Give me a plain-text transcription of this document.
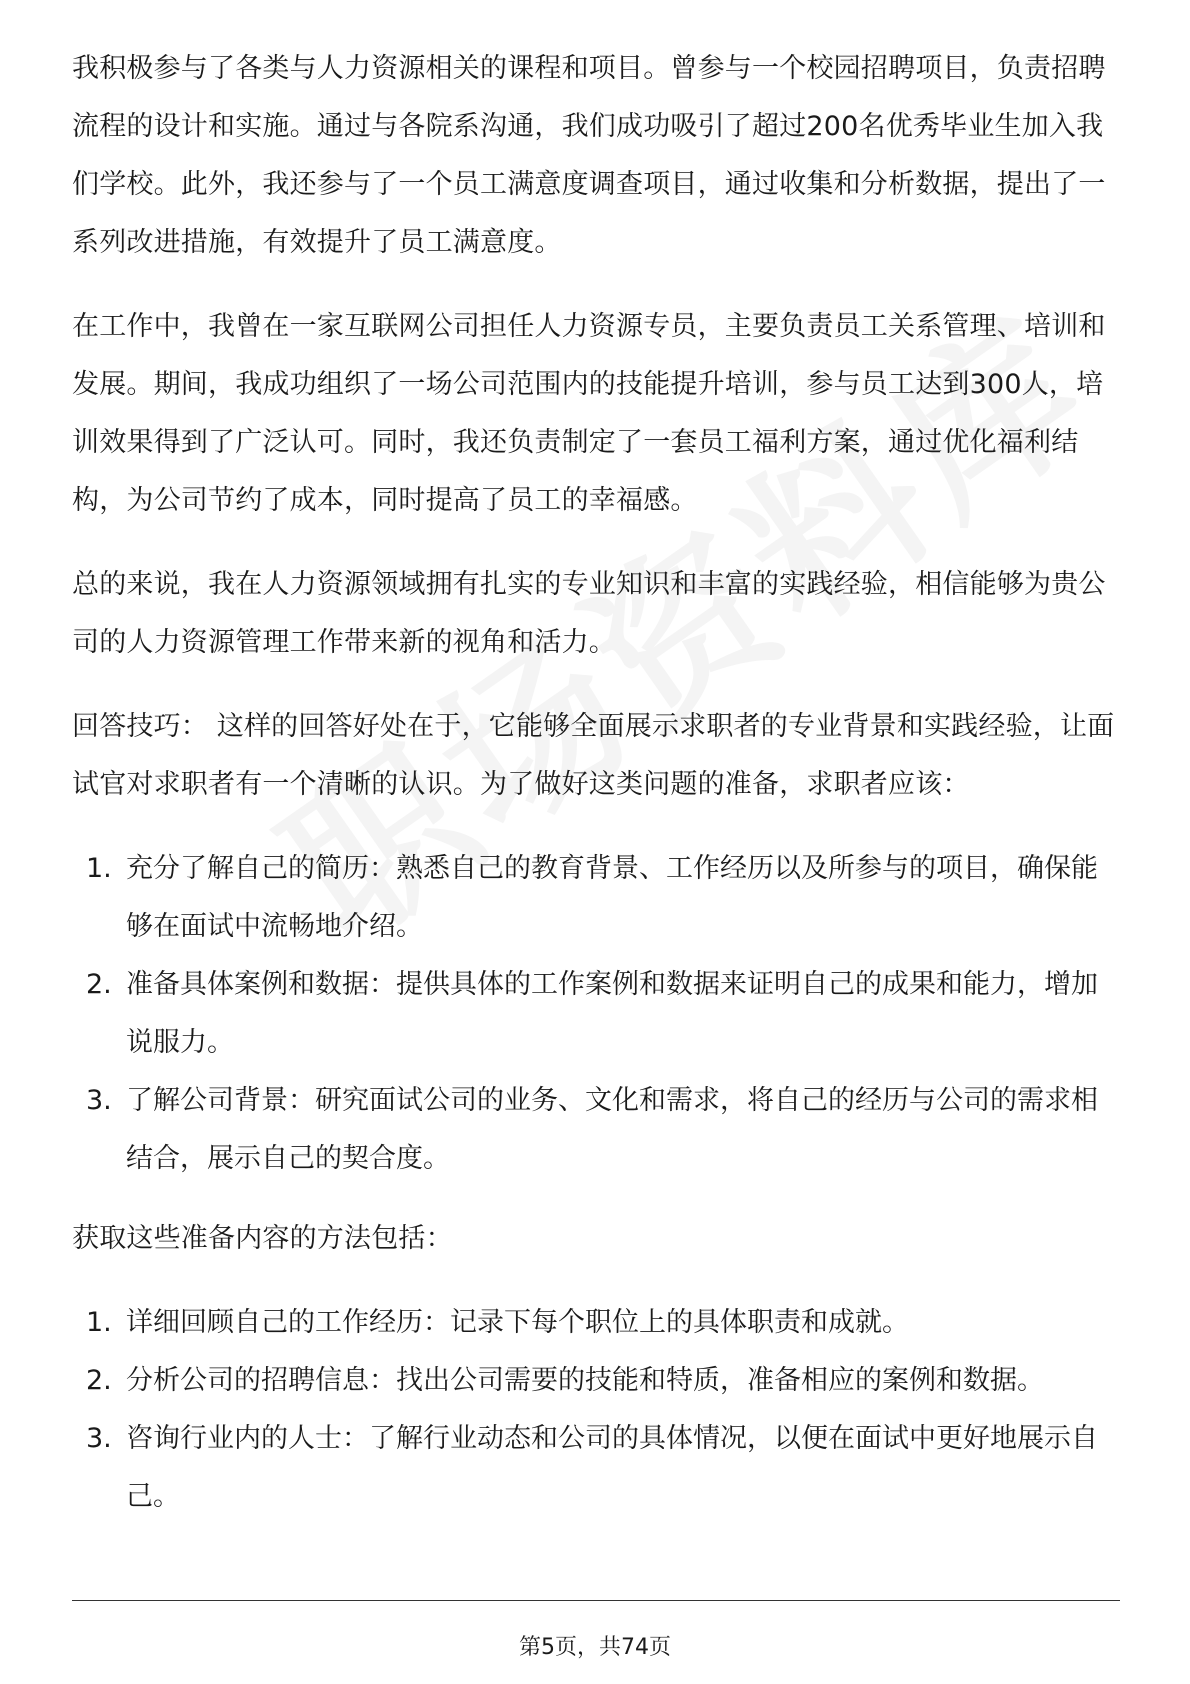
我积极参与了各类与人力资源相关的课程和项目。曾参与一个校园招聘项目，负责招聘流程的设计和实施。通过与各院系沟通，我们成功吸引了超过200名优秀毕业生加入我们学校。此外，我还参与了一个员工满意度调查项目，通过收集和分析数据，提出了一系列改进措施，有效提升了员工满意度。

在工作中，我曾在一家互联网公司担任人力资源专员，主要负责员工关系管理、培训和发展。期间，我成功组织了一场公司范围内的技能提升培训，参与员工达到300人，培训效果得到了广泛认可。同时，我还负责制定了一套员工福利方案，通过优化福利结构，为公司节约了成本，同时提高了员工的幸福感。

总的来说，我在人力资源领域拥有扎实的专业知识和丰富的实践经验，相信能够为贵公司的人力资源管理工作带来新的视角和活力。

回答技巧： 这样的回答好处在于，它能够全面展示求职者的专业背景和实践经验，让面试官对求职者有一个清晰的认识。为了做好这类问题的准备，求职者应该：

1. 充分了解自己的简历：熟悉自己的教育背景、工作经历以及所参与的项目，确保能够在面试中流畅地介绍。
2. 准备具体案例和数据：提供具体的工作案例和数据来证明自己的成果和能力，增加说服力。
3. 了解公司背景：研究面试公司的业务、文化和需求，将自己的经历与公司的需求相结合，展示自己的契合度。

获取这些准备内容的方法包括：

1. 详细回顾自己的工作经历：记录下每个职位上的具体职责和成就。
2. 分析公司的招聘信息：找出公司需要的技能和特质，准备相应的案例和数据。
3. 咨询行业内的人士：了解行业动态和公司的具体情况，以便在面试中更好地展示自己。
第5页，共74页
